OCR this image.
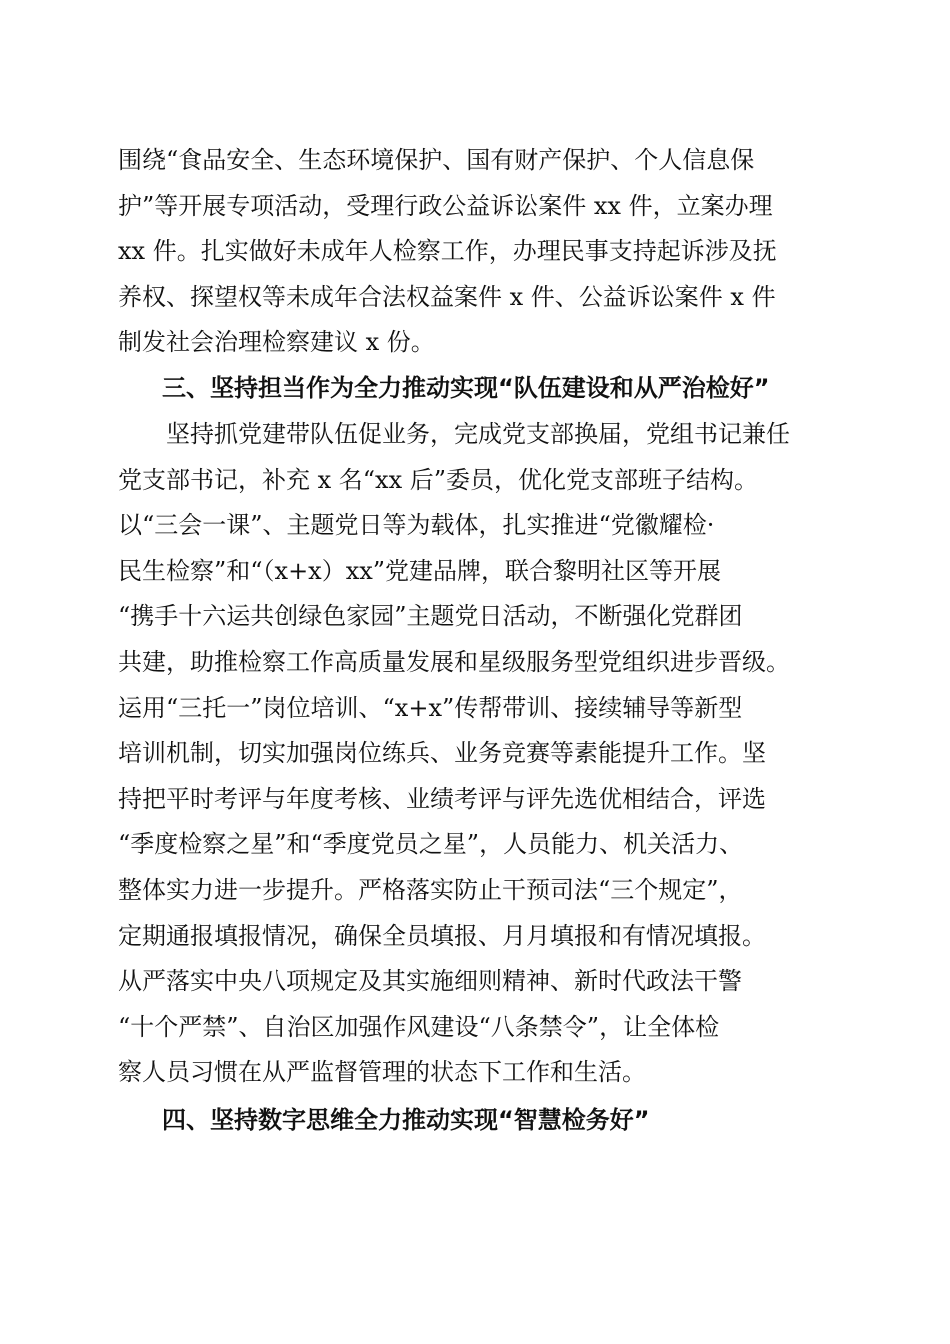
围绕“食品安全、生态环境保护、国有财产保护、个人信息保
护”等开展专项活动，受理行政公益诉讼案件 xx 件，立案办理
xx 件。扎实做好未成年人检察工作，办理民事支持起诉涉及抚
养权、探望权等未成年合法权益案件 x 件、公益诉讼案件 x 件
制发社会治理检察建议 x 份。
三、坚持担当作为全力推动实现“队伍建设和从严治检好”
坚持抓党建带队伍促业务，完成党支部换届，党组书记兼任
党支部书记，补充 x 名“xx 后”委员，优化党支部班子结构。
以“三会一课”、主题党日等为载体，扎实推进“党徽耀检·
民生检察”和“（x+x）xx”党建品牌，联合黎明社区等开展
“携手十六运共创绿色家园”主题党日活动，不断强化党群团
共建，助推检察工作高质量发展和星级服务型党组织进步晋级。
运用“三托一”岗位培训、“x+x”传帮带训、接续辅导等新型
培训机制，切实加强岗位练兵、业务竞赛等素能提升工作。坚
持把平时考评与年度考核、业绩考评与评先选优相结合，评选
“季度检察之星”和“季度党员之星”，人员能力、机关活力、
整体实力进一步提升。严格落实防止干预司法“三个规定”，
定期通报填报情况，确保全员填报、月月填报和有情况填报。
从严落实中央八项规定及其实施细则精神、新时代政法干警
“十个严禁”、自治区加强作风建设“八条禁令”，让全体检
察人员习惯在从严监督管理的状态下工作和生活。
四、坚持数字思维全力推动实现“智慧检务好”
